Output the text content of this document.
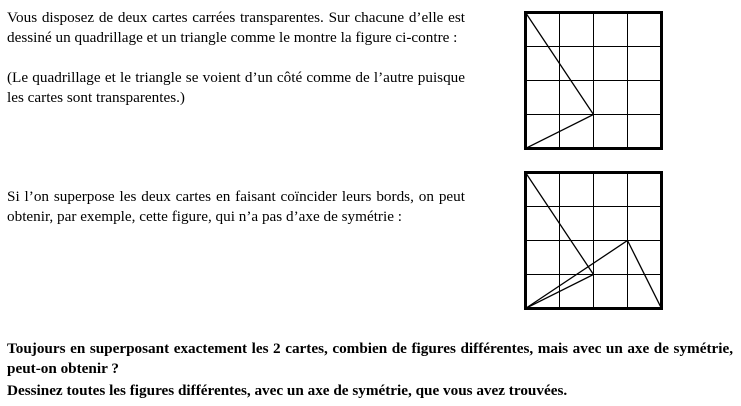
Vous disposez de deux cartes carrées transparentes. Sur chacune d’elle est dessiné un quadrillage et un triangle comme le montre la figure ci-contre :

(Le quadrillage et le triangle se voient d’un côté comme de l’autre puisque les cartes sont transparentes.)

Si l’on superpose les deux cartes en faisant coïncider leurs bords, on peut obtenir, par exemple, cette figure, qui n’a pas d’axe de symétrie :

Toujours en superposant exactement les 2 cartes, combien de figures différentes, mais avec un axe de symétrie, peut-on obtenir ?

Dessinez toutes les figures différentes, avec un axe de symétrie, que vous avez trouvées.
